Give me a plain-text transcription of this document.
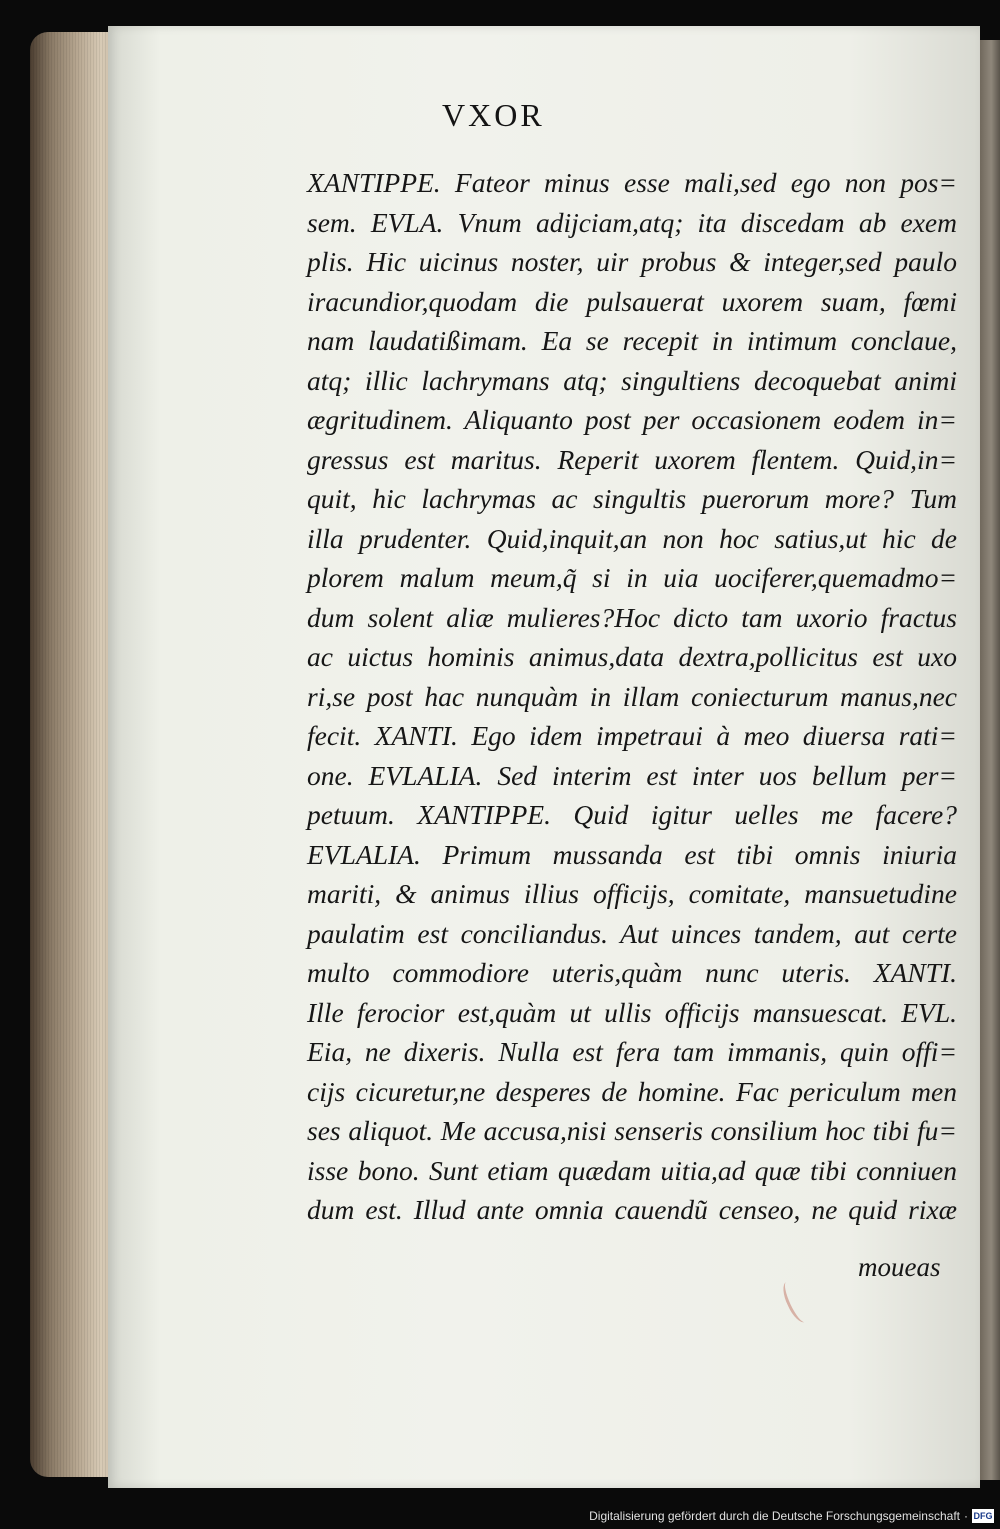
VXOR
XANTIPPE. Fateor minus esse mali,sed ego non pos=
sem. EVLA. Vnum adijciam,atq; ita discedam ab exem
plis. Hic uicinus noster, uir probus & integer,sed paulo
iracundior,quodam die pulsauerat uxorem suam, fœmi
nam laudatißimam. Ea se recepit in intimum conclaue,
atq; illic lachrymans atq; singultiens decoquebat animi
ægritudinem. Aliquanto post per occasionem eodem in=
gressus est maritus. Reperit uxorem flentem. Quid,in=
quit, hic lachrymas ac singultis puerorum more? Tum
illa prudenter. Quid,inquit,an non hoc satius,ut hic de
plorem malum meum,q̃ si in uia uociferer,quemadmo=
dum solent aliæ mulieres?Hoc dicto tam uxorio fractus
ac uictus hominis animus,data dextra,pollicitus est uxo
ri,se post hac nunquàm in illam coniecturum manus,nec
fecit. XANTI. Ego idem impetraui à meo diuersa rati=
one. EVLALIA. Sed interim est inter uos bellum per=
petuum. XANTIPPE. Quid igitur uelles me facere?
EVLALIA. Primum mussanda est tibi omnis iniuria
mariti, & animus illius officijs, comitate, mansuetudine
paulatim est conciliandus. Aut uinces tandem, aut certe
multo commodiore uteris,quàm nunc uteris. XANTI.
Ille ferocior est,quàm ut ullis officijs mansuescat. EVL.
Eia, ne dixeris. Nulla est fera tam immanis, quin offi=
cijs cicuretur,ne desperes de homine. Fac periculum men
ses aliquot. Me accusa,nisi senseris consilium hoc tibi fu=
isse bono. Sunt etiam quædam uitia,ad quæ tibi conniuen
dum est. Illud ante omnia cauendũ censeo, ne quid rixæ
moueas
Digitalisierung gefördert durch die Deutsche Forschungsgemeinschaft · DFG
